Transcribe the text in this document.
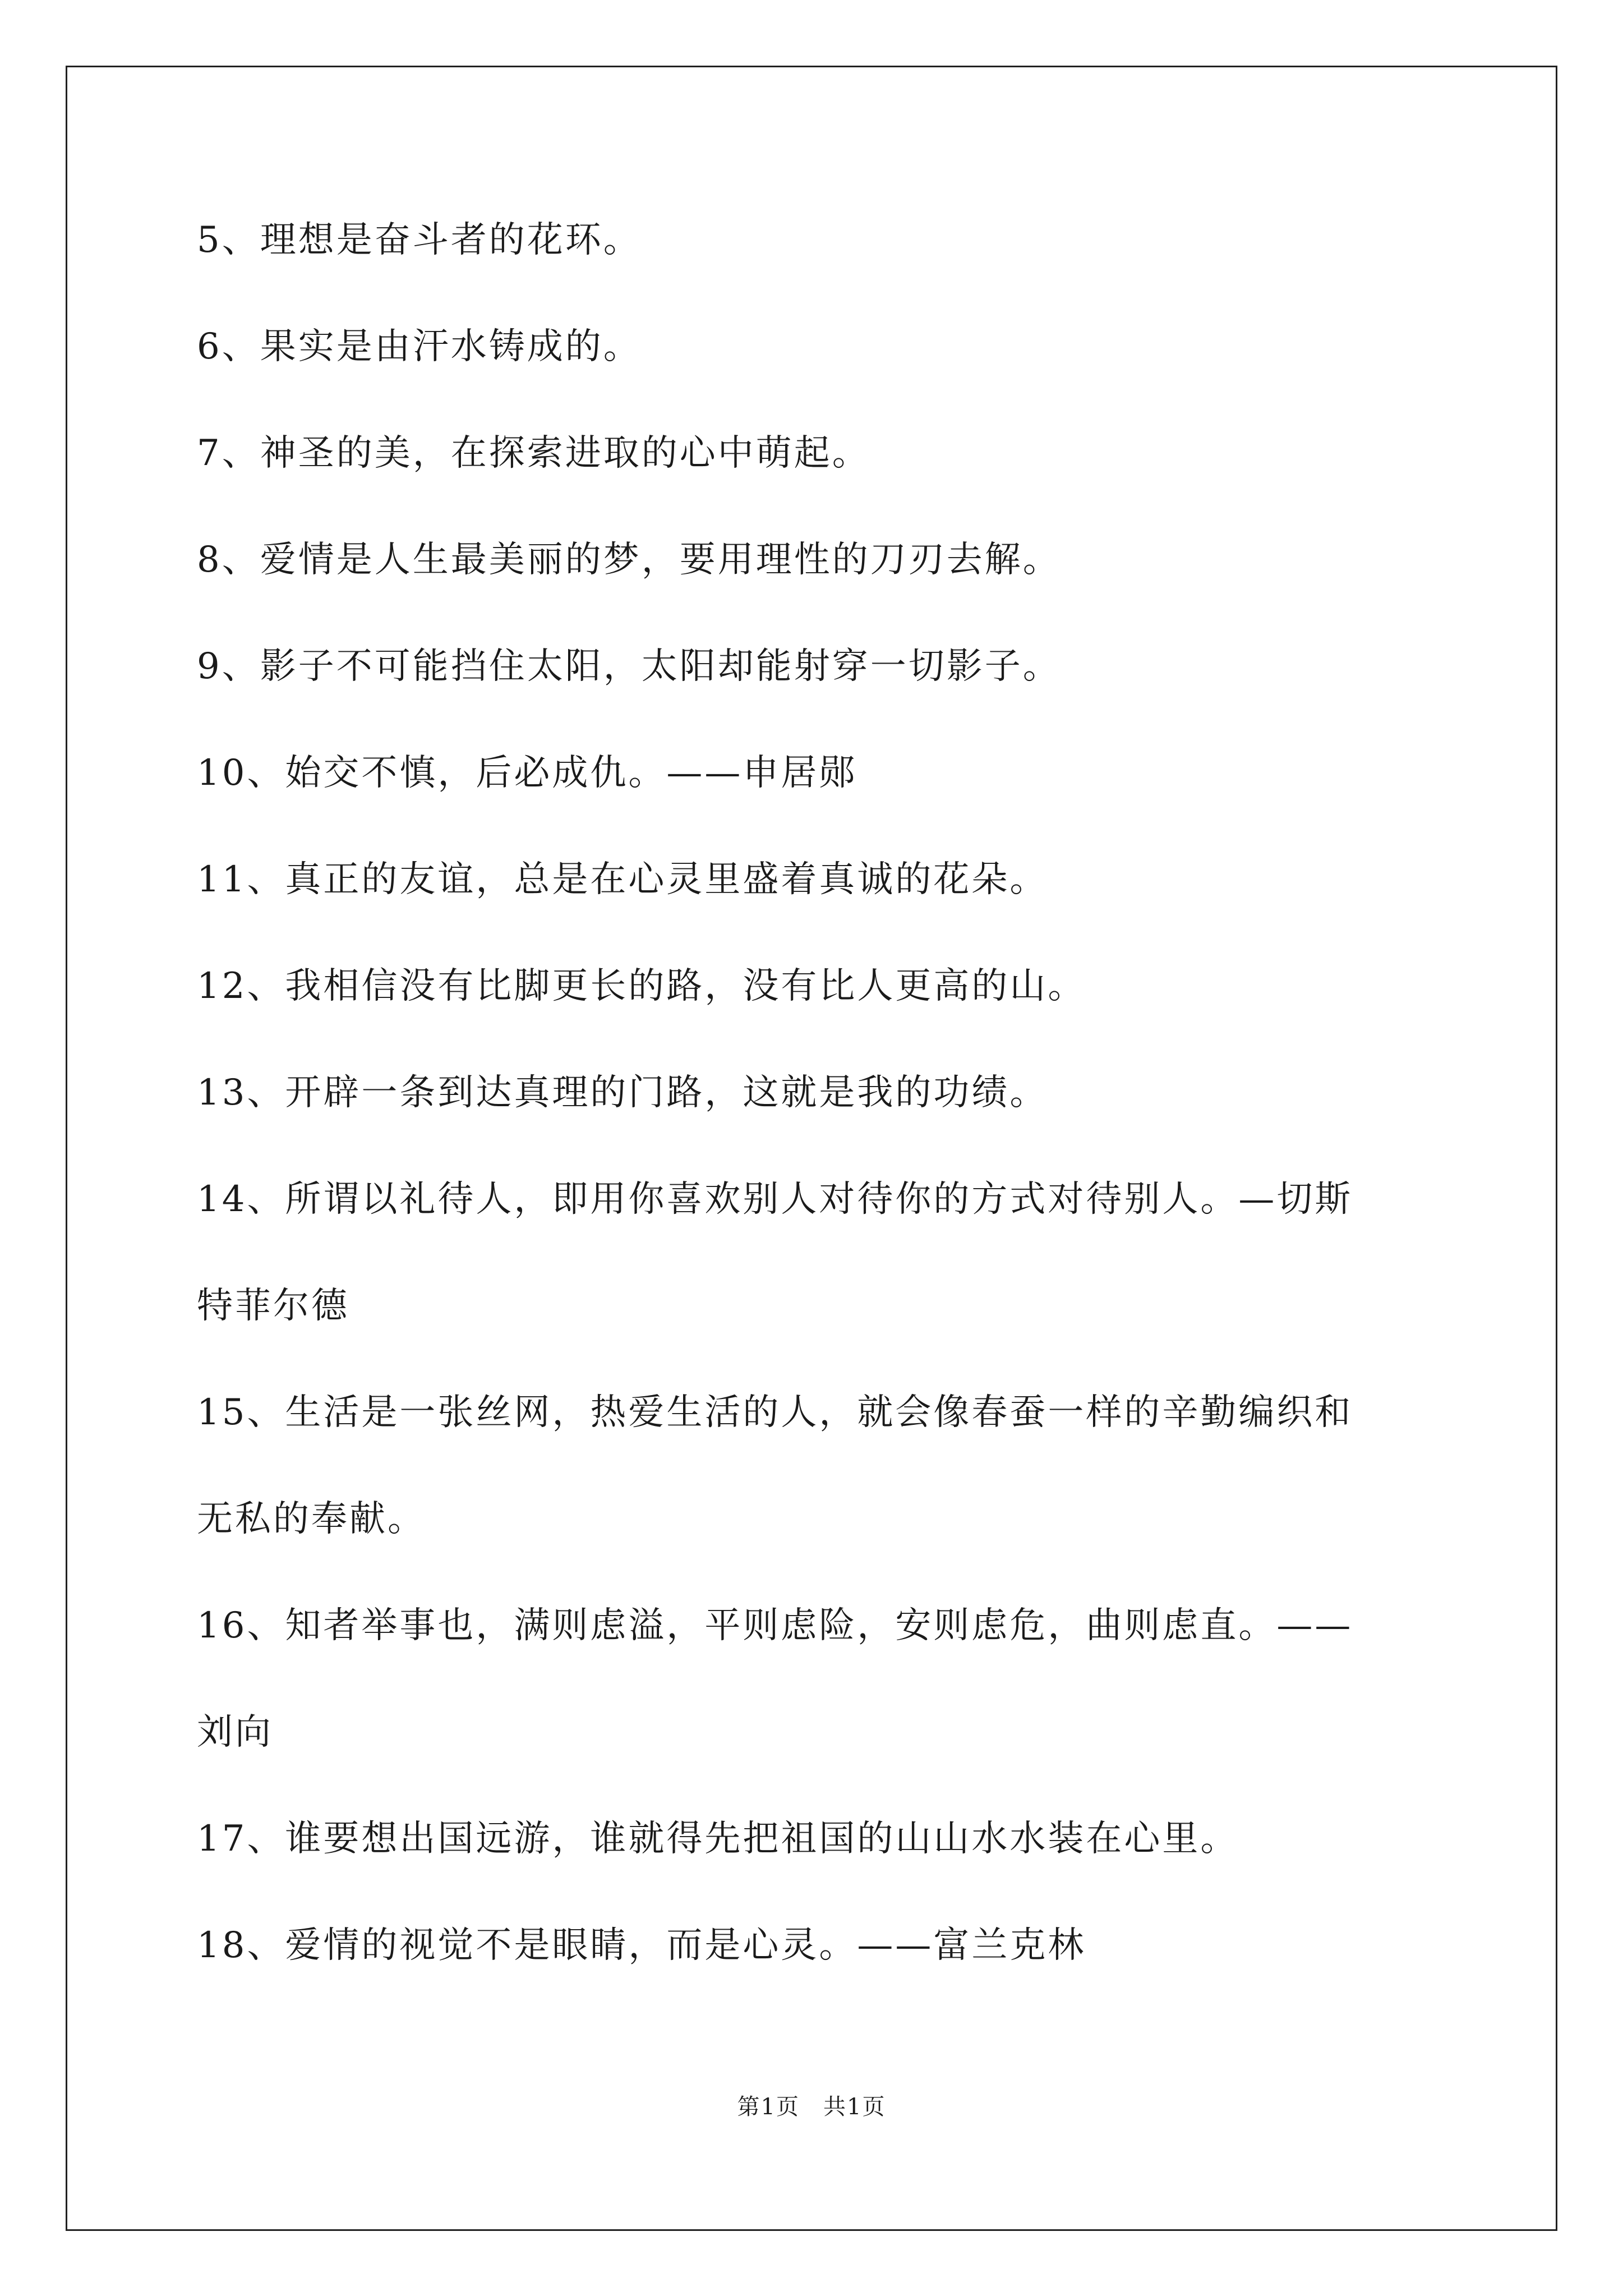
5、理想是奋斗者的花环。

6、果实是由汗水铸成的。

7、神圣的美，在探索进取的心中萌起。

8、爱情是人生最美丽的梦，要用理性的刀刃去解。

9、影子不可能挡住太阳，太阳却能射穿一切影子。

10、始交不慎，后必成仇。——申居郧

11、真正的友谊，总是在心灵里盛着真诚的花朵。

12、我相信没有比脚更长的路，没有比人更高的山。

13、开辟一条到达真理的门路，这就是我的功绩。

14、所谓以礼待人，即用你喜欢别人对待你的方式对待别人。—切斯

特菲尔德

15、生活是一张丝网，热爱生活的人，就会像春蚕一样的辛勤编织和

无私的奉献。

16、知者举事也，满则虑溢，平则虑险，安则虑危，曲则虑直。——

刘向

17、谁要想出国远游，谁就得先把祖国的山山水水装在心里。

18、爱情的视觉不是眼睛，而是心灵。——富兰克林

第1页　共1页
